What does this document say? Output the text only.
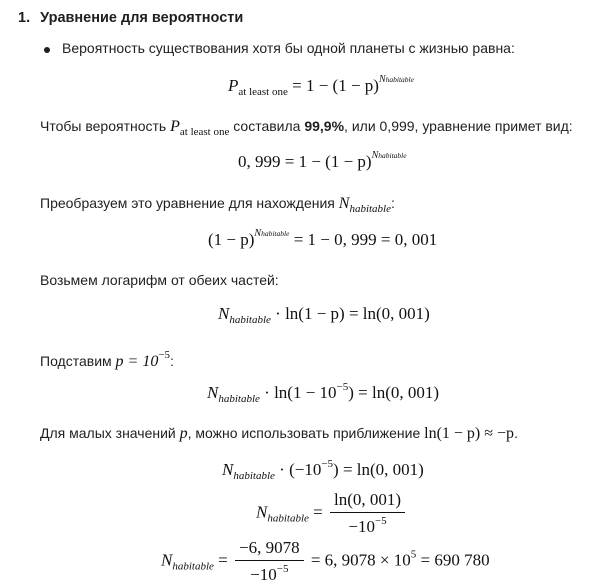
1. Уравнение для вероятности
Вероятность существования хотя бы одной планеты с жизнью равна:
$P_{at least one} = 1 - (1 - p)^{Nhabitable}$
Чтобы вероятность $P_{at least one}$ составила 99,9%, или 0,999, уравнение примет вид:
0, $999 = 1 - (1 - p)^{Nhabitable}$
Преобразуем это уравнение для нахождения $N_{habitable}$:
$(1 - p)^{Nhabitable} = 1 - 0$, 999 = 0, 001
Возьмем логарифм от обеих частей:
$N_{habitable} \cdot \ln(1 - p) = \ln(0$, 001)
Подставим $p = 10^{-5}$:
$N_{habitable} \cdot \ln(1 - 10^{-5}) = \ln(0$, 001)
Для малых значений p, можно использовать приближение ln(1 − p) ≈ −p.
$N_{habitable} \cdot (-10^{-5}) = \ln(0$, 001)
$N_{habitable} = \frac{\ln(0, 001)}{-10^{-5}}$
$N_{habitable} = \frac{-6, 9078}{-10^{-5}} = 6$, $9078 \times 10^5 = 690$ 780
